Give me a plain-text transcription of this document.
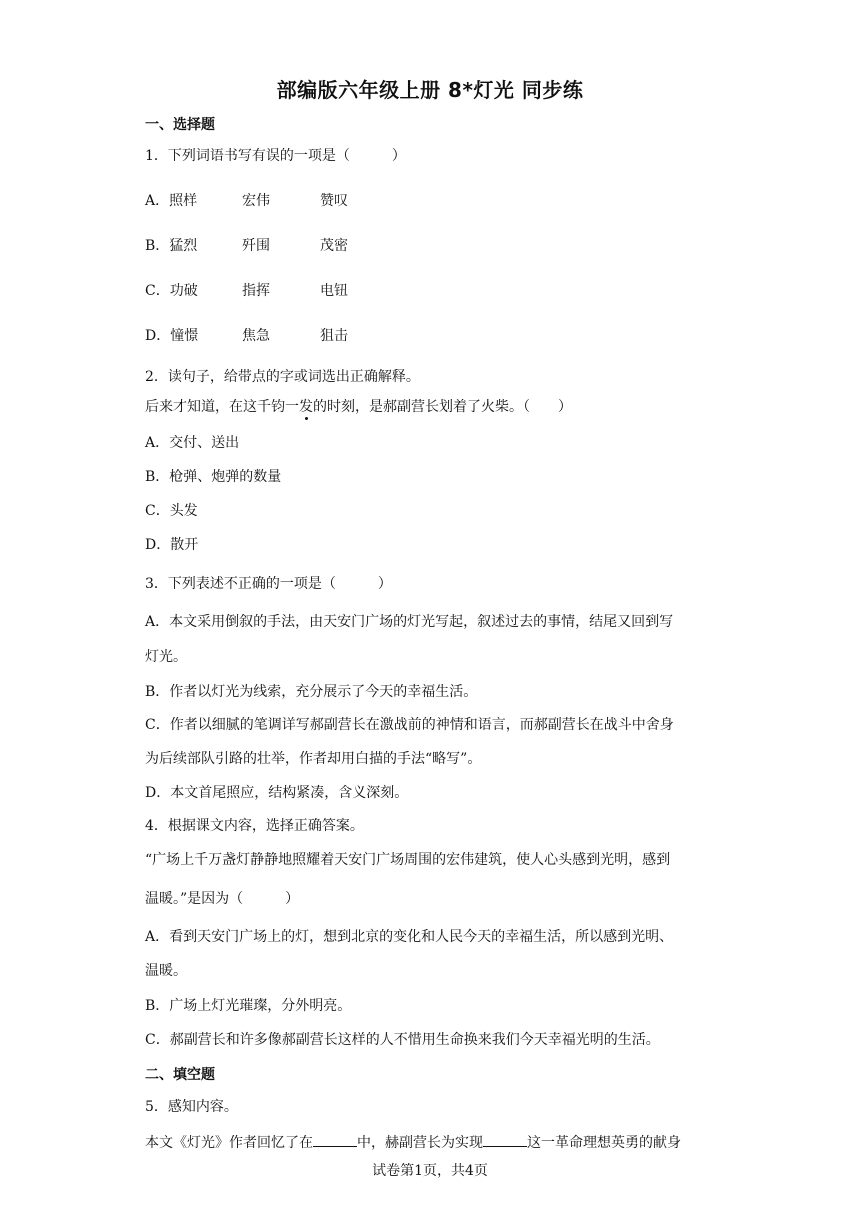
部编版六年级上册 8*灯光 同步练
一、选择题
1．下列词语书写有误的一项是（　　　）
A．照样	宏伟	赞叹
B．猛烈	歼围	茂密
C．功破	指挥	电钮
D．憧憬	焦急	狙击
2．读句子，给带点的字或词选出正确解释。
后来才知道，在这千钧一发的时刻，是郝副营长划着了火柴。（　　）
A．交付、送出
B．枪弹、炮弹的数量
C．头发
D．散开
3．下列表述不正确的一项是（　　　）
A．本文采用倒叙的手法，由天安门广场的灯光写起，叙述过去的事情，结尾又回到写
灯光。
B．作者以灯光为线索，充分展示了今天的幸福生活。
C．作者以细腻的笔调详写郝副营长在激战前的神情和语言，而郝副营长在战斗中舍身
为后续部队引路的壮举，作者却用白描的手法“略写”。
D．本文首尾照应，结构紧凑，含义深刻。
4．根据课文内容，选择正确答案。
“广场上千万盏灯静静地照耀着天安门广场周围的宏伟建筑，使人心头感到光明，感到
温暖。”是因为（　　　）
A．看到天安门广场上的灯，想到北京的变化和人民今天的幸福生活，所以感到光明、
温暖。
B．广场上灯光璀璨，分外明亮。
C．郝副营长和许多像郝副营长这样的人不惜用生命换来我们今天幸福光明的生活。
二、填空题
5．感知内容。
本文《灯光》作者回忆了在	中，赫副营长为实现	这一革命理想英勇的献身
试卷第1页，共4页
